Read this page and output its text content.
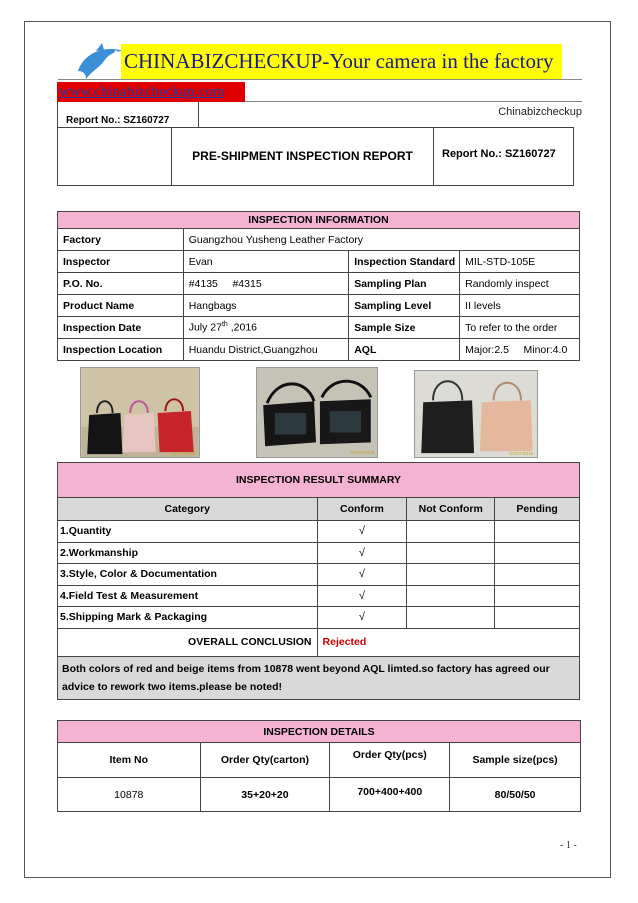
CHINABIZCHECKUP-Your camera in the factory
www.chinabizcheckup.com
Chinabizcheckup
Report No.: SZ160727
PRE-SHIPMENT INSPECTION REPORT	Report No.: SZ160727
INSPECTION INFORMATION			
Factory	Guangzhou Yusheng Leather Factory		
Inspector	Evan	Inspection Standard	MIL-STD-105E
P.O. No.	#4135     #4315	Sampling Plan	Randomly inspect
Product Name	Hangbags	Sampling Level	II levels
Inspection Date	July 27th ,2016	Sample Size	To refer to the order
Inspection Location	Huandu District,Guangzhou	AQL	Major:2.5     Minor:4.0
07/27/2016	07/27/2016	07/27/2016
INSPECTION RESULT SUMMARY			
Category	Conform	Not Conform	Pending
1.Quantity	√		
2.Workmanship	√		
3.Style, Color & Documentation	√		
4.Field Test & Measurement	√		
5.Shipping Mark & Packaging	√		
OVERALL CONCLUSION	Rejected		
Both colors of red and beige items from 10878 went beyond AQL limted.so factory has agreed our advice to rework two items.please be noted!			
INSPECTION DETAILS			
Item No	Order Qty(carton)	Order Qty(pcs)	Sample size(pcs)
10878	35+20+20	700+400+400	80/50/50
- 1 -
